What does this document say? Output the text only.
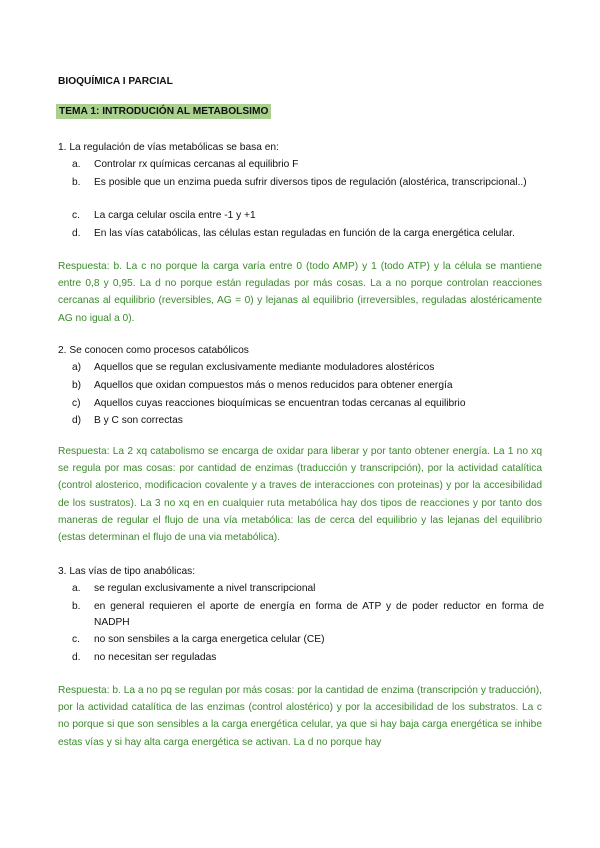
BIOQUÍMICA I PARCIAL
TEMA 1: INTRODUCIÓN AL METABOLSIMO
1. La regulación de vías metabólicas se basa en:
a. Controlar rx químicas cercanas al equilibrio F
b. Es posible que un enzima pueda sufrir diversos tipos de regulación (alostérica, transcripcional..)
c. La carga celular oscila entre -1 y +1
d. En las vías catabólicas, las células estan reguladas en función de la carga energética celular.
Respuesta: b. La c no porque la carga varía entre 0 (todo AMP) y 1 (todo ATP) y la célula se mantiene entre 0,8 y 0,95. La d no porque están reguladas por más cosas. La a no porque controlan reacciones cercanas al equilibrio (reversibles, AG = 0) y lejanas al equilibrio (irreversibles, reguladas alostéricamente AG no igual a 0).
2. Se conocen como procesos catabólicos
a) Aquellos que se regulan exclusivamente mediante moduladores alostéricos
b) Aquellos que oxidan compuestos más o menos reducidos para obtener energía
c) Aquellos cuyas reacciones bioquímicas se encuentran todas cercanas al equilibrio
d) B y C son correctas
Respuesta: La 2 xq catabolismo se encarga de oxidar para liberar y por tanto obtener energía. La 1 no xq se regula por mas cosas: por cantidad de enzimas (traducción y transcripción), por la actividad catalítica (control alosterico, modificacion covalente y a traves de interacciones con proteinas) y por la accesibilidad de los sustratos). La 3 no xq en en cualquier ruta metabólica hay dos tipos de reacciones y por tanto dos maneras de regular el flujo de una vía metabólica: las de cerca del equilibrio y las lejanas del equilibrio (estas determinan el flujo de una via metabólica).
3. Las vías de tipo anabólicas:
a. se regulan exclusivamente a nivel transcripcional
b. en general requieren el aporte de energía en forma de ATP y de poder reductor en forma de NADPH
c. no son sensbiles a la carga energetica celular (CE)
d. no necesitan ser reguladas
Respuesta: b. La a no pq se regulan por más cosas: por la cantidad de enzima (transcripción y traducción), por la actividad catalítica de las enzimas (control alostérico) y por la accesibilidad de los substratos. La c no porque si que son sensibles a la carga energética celular, ya que si hay baja carga energética se inhibe estas vías y si hay alta carga energética se activan. La d no porque hay
